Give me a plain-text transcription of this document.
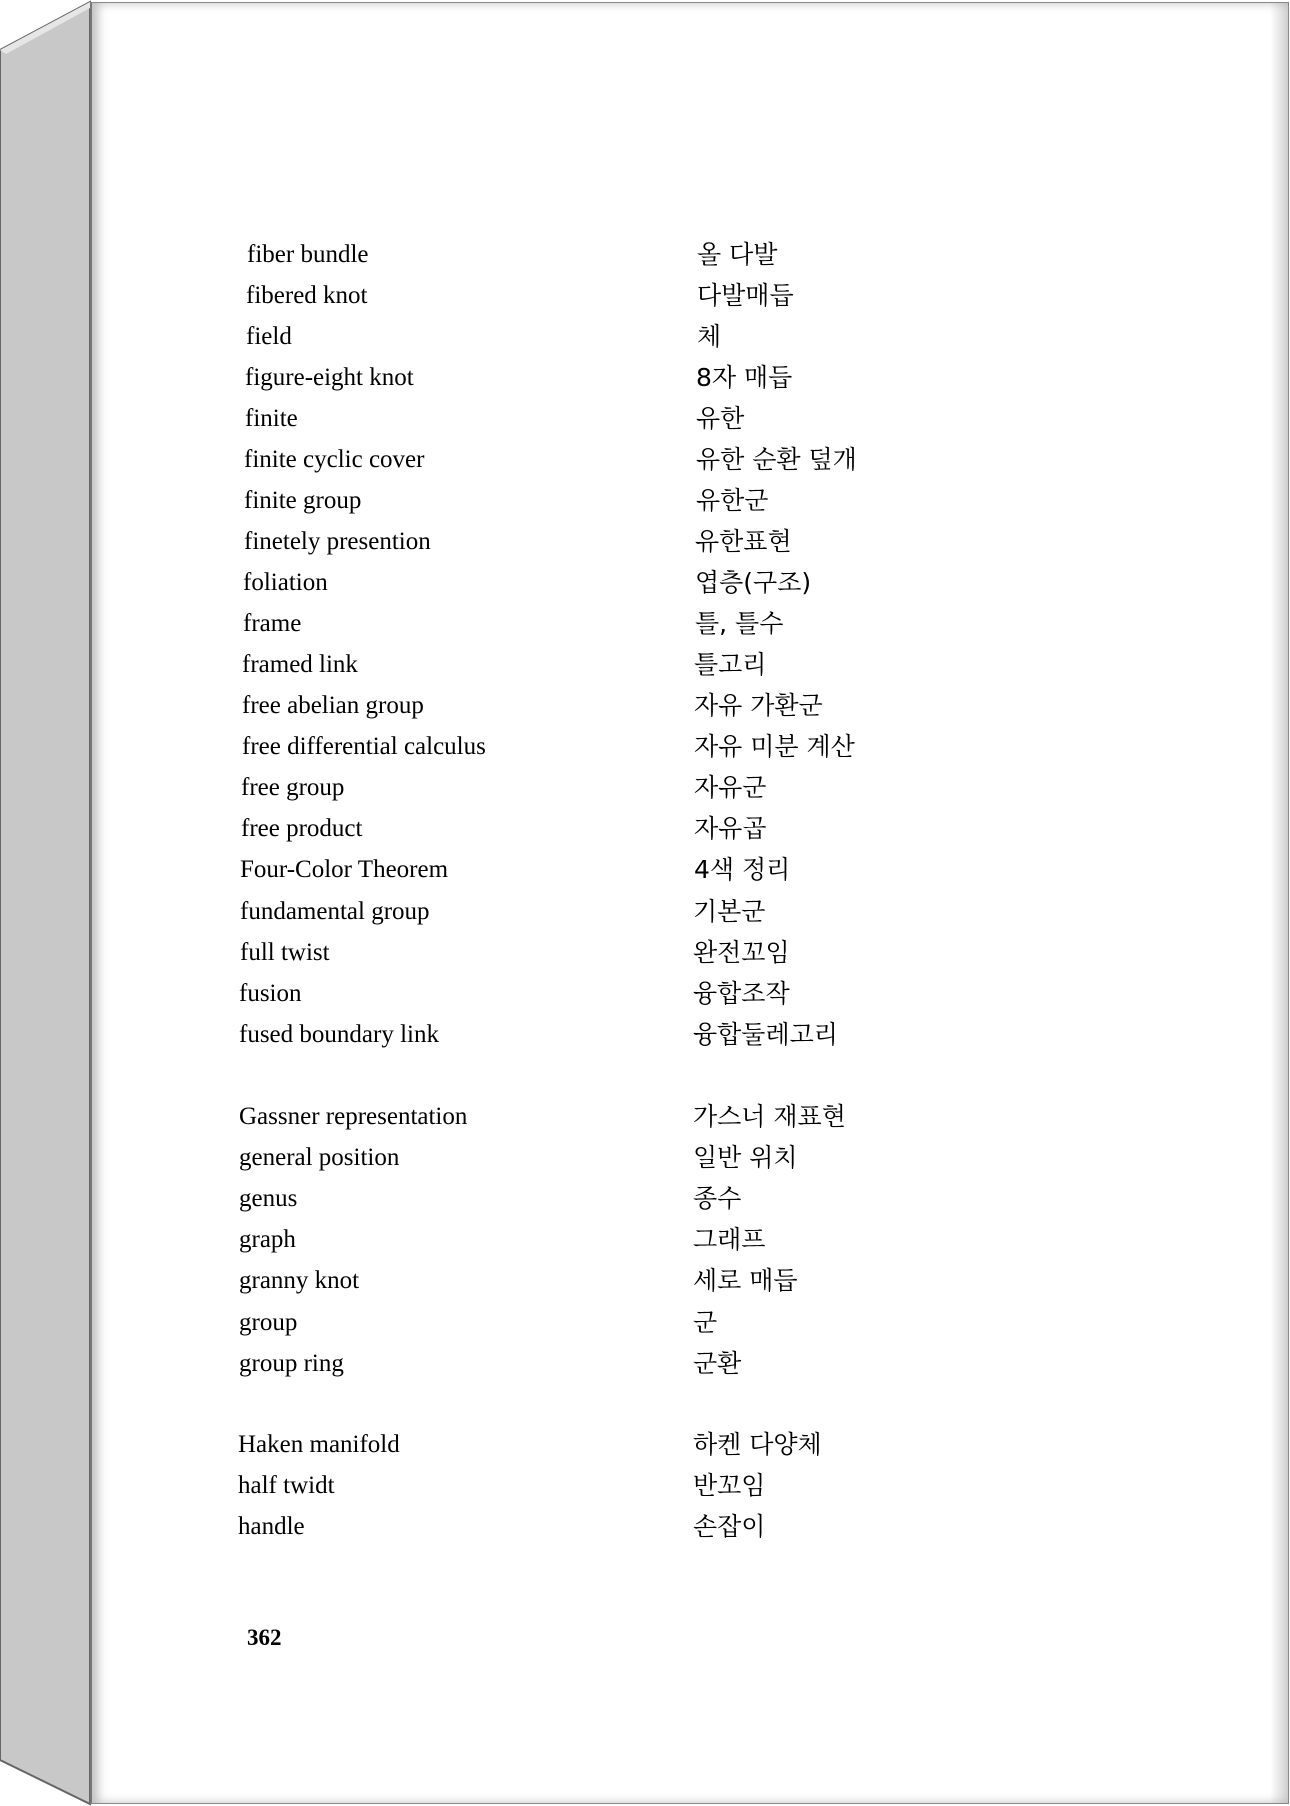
fiber bundle	올 다발
fibered knot	다발매듭
field	체
figure-eight knot	8자 매듭
finite	유한
finite cyclic cover	유한 순환 덮개
finite group	유한군
finetely presention	유한표현
foliation	엽층(구조)
frame	틀, 틀수
framed link	틀고리
free abelian group	자유 가환군
free differential calculus	자유 미분 계산
free group	자유군
free product	자유곱
Four-Color Theorem	4색 정리
fundamental group	기본군
full twist	완전꼬임
fusion	융합조작
fused boundary link	융합둘레고리
Gassner representation	가스너 재표현
general position	일반 위치
genus	종수
graph	그래프
granny knot	세로 매듭
group	군
group ring	군환
Haken manifold	하켄 다양체
half twidt	반꼬임
handle	손잡이
362
